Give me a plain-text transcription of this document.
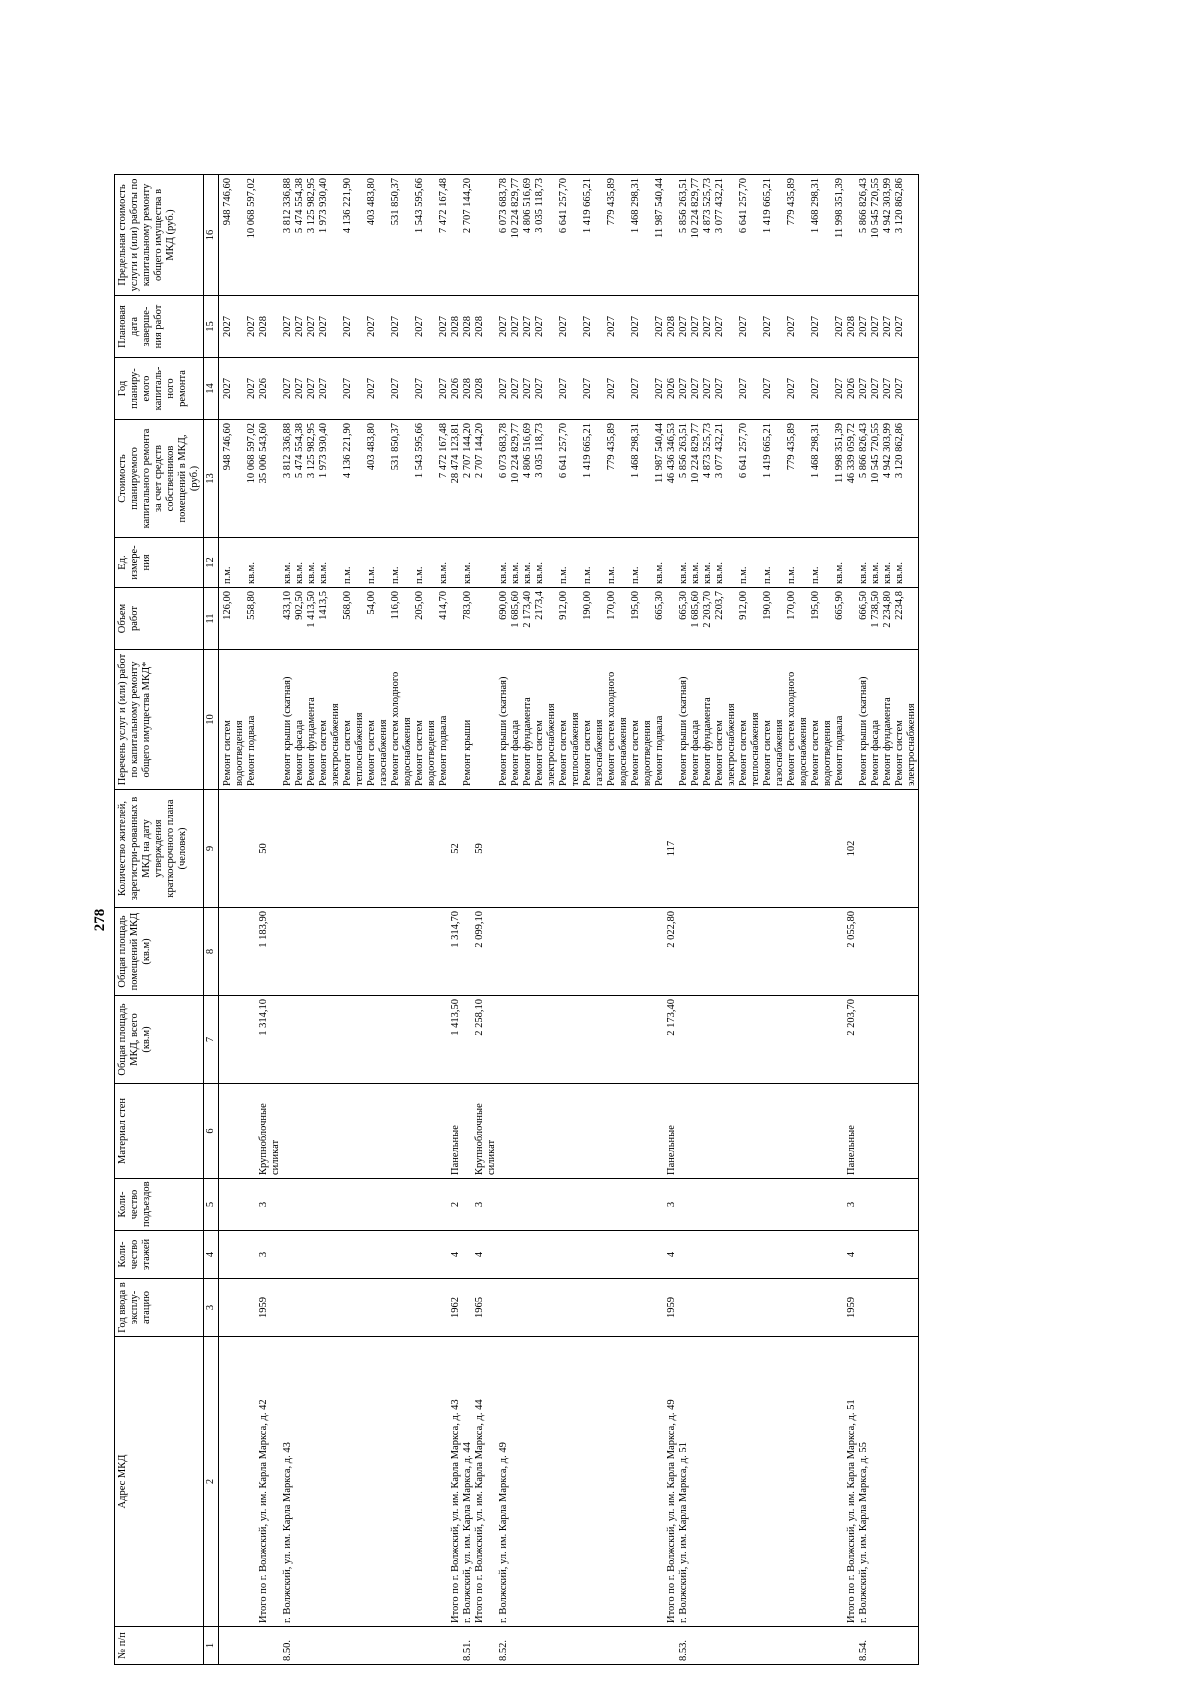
278
№ п/п	Адрес МКД	Год ввода в эксплу-атацию	Коли-чество этажей	Коли-чество подъездов	Материал стен	Общая площадь МКД, всего (кв.м)	Общая площадь помещений МКД (кв.м)	Количество жителей, зарегистри-рованных в МКД на дату утверждения краткосрочного плана (человек)	Перечень услуг и (или) работ по капитальному ремонту общего имущества МКД*	Объем работ	Ед. измере-ния	Стоимость планируемого капитального ремонта за счет средств собственников помещений в МКД, (руб.)	Год планиру-емого капиталь-ного ремонта	Плановая дата заверше-ния работ	Предельная стоимость услуги и (или) работы по капитальному ремонту общего имущества в МКД (руб.)
1	2	3	4	5	6	7	8	9	10	11	12	13	14	15	16
									Ремонт систем водоотведения	126,00	п.м.	948 746,60	2027	2027	948 746,60
									Ремонт подвала	558,80	кв.м.	10 068 597,02	2027	2027	10 068 597,02
	Итого по г. Волжский, ул. им. Карла Маркса, д. 42	1959	3	3	Крупноблочные силикат	1 314,10	1 183,90	50				35 006 543,60	2026	2028	
8.50.	г. Волжский, ул. им. Карла Маркса, д. 43								Ремонт крыши (скатная)	433,10	кв.м.	3 812 336,88	2027	2027	3 812 336,88
									Ремонт фасада	902,50	кв.м.	5 474 554,38	2027	2027	5 474 554,38
									Ремонт фундамента	1 413,50	кв.м.	3 125 982,95	2027	2027	3 125 982,95
									Ремонт систем электроснабжения	1413,5	кв.м.	1 973 930,40	2027	2027	1 973 930,40
									Ремонт систем теплоснабжения	568,00	п.м.	4 136 221,90	2027	2027	4 136 221,90
									Ремонт систем газоснабжения	54,00	п.м.	403 483,80	2027	2027	403 483,80
									Ремонт систем холодного водоснабжения	116,00	п.м.	531 850,37	2027	2027	531 850,37
									Ремонт систем водоотведения	205,00	п.м.	1 543 595,66	2027	2027	1 543 595,66
									Ремонт подвала	414,70	кв.м.	7 472 167,48	2027	2027	7 472 167,48
	Итого по г. Волжский, ул. им. Карла Маркса, д. 43	1962	4	2	Панельные	1 413,50	1 314,70	52				28 474 123,81	2026	2028	
8.51.	г. Волжский, ул. им. Карла Маркса, д. 44								Ремонт крыши	783,00	кв.м.	2 707 144,20	2028	2028	2 707 144,20
	Итого по г. Волжский, ул. им. Карла Маркса, д. 44	1965	4	3	Крупноблочные силикат	2 258,10	2 099,10	59				2 707 144,20	2028	2028	
8.52.	г. Волжский, ул. им. Карла Маркса, д. 49								Ремонт крыши (скатная)	690,00	кв.м.	6 073 683,78	2027	2027	6 073 683,78
									Ремонт фасада	1 685,60	кв.м.	10 224 829,77	2027	2027	10 224 829,77
									Ремонт фундамента	2 173,40	кв.м.	4 806 516,69	2027	2027	4 806 516,69
									Ремонт систем электроснабжения	2173,4	кв.м.	3 035 118,73	2027	2027	3 035 118,73
									Ремонт систем теплоснабжения	912,00	п.м.	6 641 257,70	2027	2027	6 641 257,70
									Ремонт систем газоснабжения	190,00	п.м.	1 419 665,21	2027	2027	1 419 665,21
									Ремонт систем холодного водоснабжения	170,00	п.м.	779 435,89	2027	2027	779 435,89
									Ремонт систем водоотведения	195,00	п.м.	1 468 298,31	2027	2027	1 468 298,31
									Ремонт подвала	665,30	кв.м.	11 987 540,44	2027	2027	11 987 540,44
	Итого по г. Волжский, ул. им. Карла Маркса, д. 49	1959	4	3	Панельные	2 173,40	2 022,80	117				46 436 346,53	2026	2028	
8.53.	г. Волжский, ул. им. Карла Маркса, д. 51								Ремонт крыши (скатная)	665,30	кв.м.	5 856 263,51	2027	2027	5 856 263,51
									Ремонт фасада	1 685,60	кв.м.	10 224 829,77	2027	2027	10 224 829,77
									Ремонт фундамента	2 203,70	кв.м.	4 873 525,73	2027	2027	4 873 525,73
									Ремонт систем электроснабжения	2203,7	кв.м.	3 077 432,21	2027	2027	3 077 432,21
									Ремонт систем теплоснабжения	912,00	п.м.	6 641 257,70	2027	2027	6 641 257,70
									Ремонт систем газоснабжения	190,00	п.м.	1 419 665,21	2027	2027	1 419 665,21
									Ремонт систем холодного водоснабжения	170,00	п.м.	779 435,89	2027	2027	779 435,89
									Ремонт систем водоотведения	195,00	п.м.	1 468 298,31	2027	2027	1 468 298,31
									Ремонт подвала	665,90	кв.м.	11 998 351,39	2027	2027	11 998 351,39
	Итого по г. Волжский, ул. им. Карла Маркса, д. 51	1959	4	3	Панельные	2 203,70	2 055,80	102				46 339 059,72	2026	2028	
8.54.	г. Волжский, ул. им. Карла Маркса, д. 55								Ремонт крыши (скатная)	666,50	кв.м.	5 866 826,43	2027	2027	5 866 826,43
									Ремонт фасада	1 738,50	кв.м.	10 545 720,55	2027	2027	10 545 720,55
									Ремонт фундамента	2 234,80	кв.м.	4 942 303,99	2027	2027	4 942 303,99
									Ремонт систем электроснабжения	2234,8	кв.м.	3 120 862,86	2027	2027	3 120 862,86
